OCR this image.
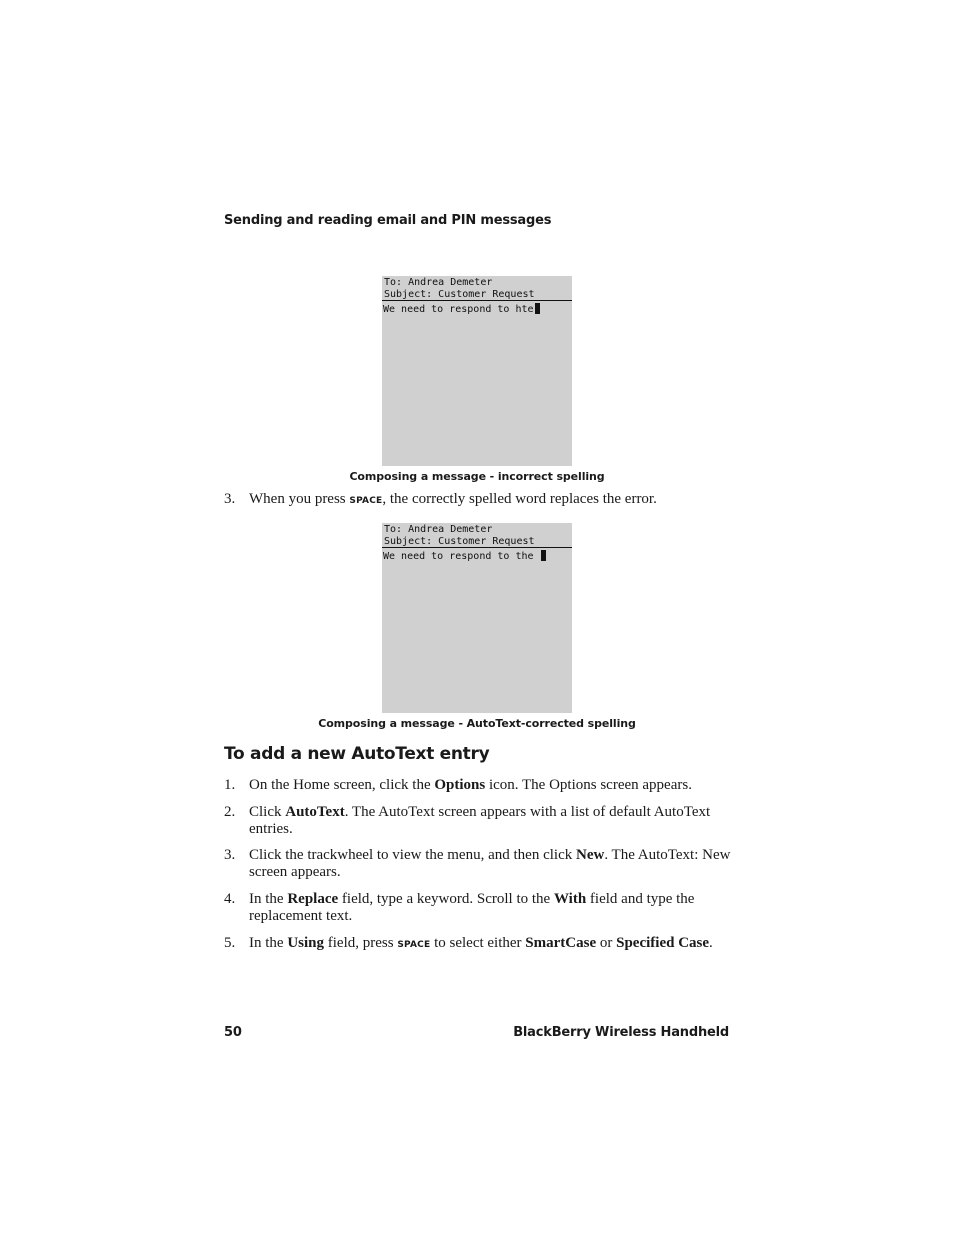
Sending and reading email and PIN messages
To: Andrea Demeter
Subject: Customer Request
We need to respond to hte
Composing a message - incorrect spelling
3. When you press SPACE, the correctly spelled word replaces the error.
To: Andrea Demeter
Subject: Customer Request
We need to respond to the
Composing a message - AutoText-corrected spelling
To add a new AutoText entry
1. On the Home screen, click the Options icon. The Options screen appears.
2. Click AutoText. The AutoText screen appears with a list of default AutoText entries.
3. Click the trackwheel to view the menu, and then click New. The AutoText: New screen appears.
4. In the Replace field, type a keyword. Scroll to the With field and type the replacement text.
5. In the Using field, press SPACE to select either SmartCase or Specified Case.
50	BlackBerry Wireless Handheld
